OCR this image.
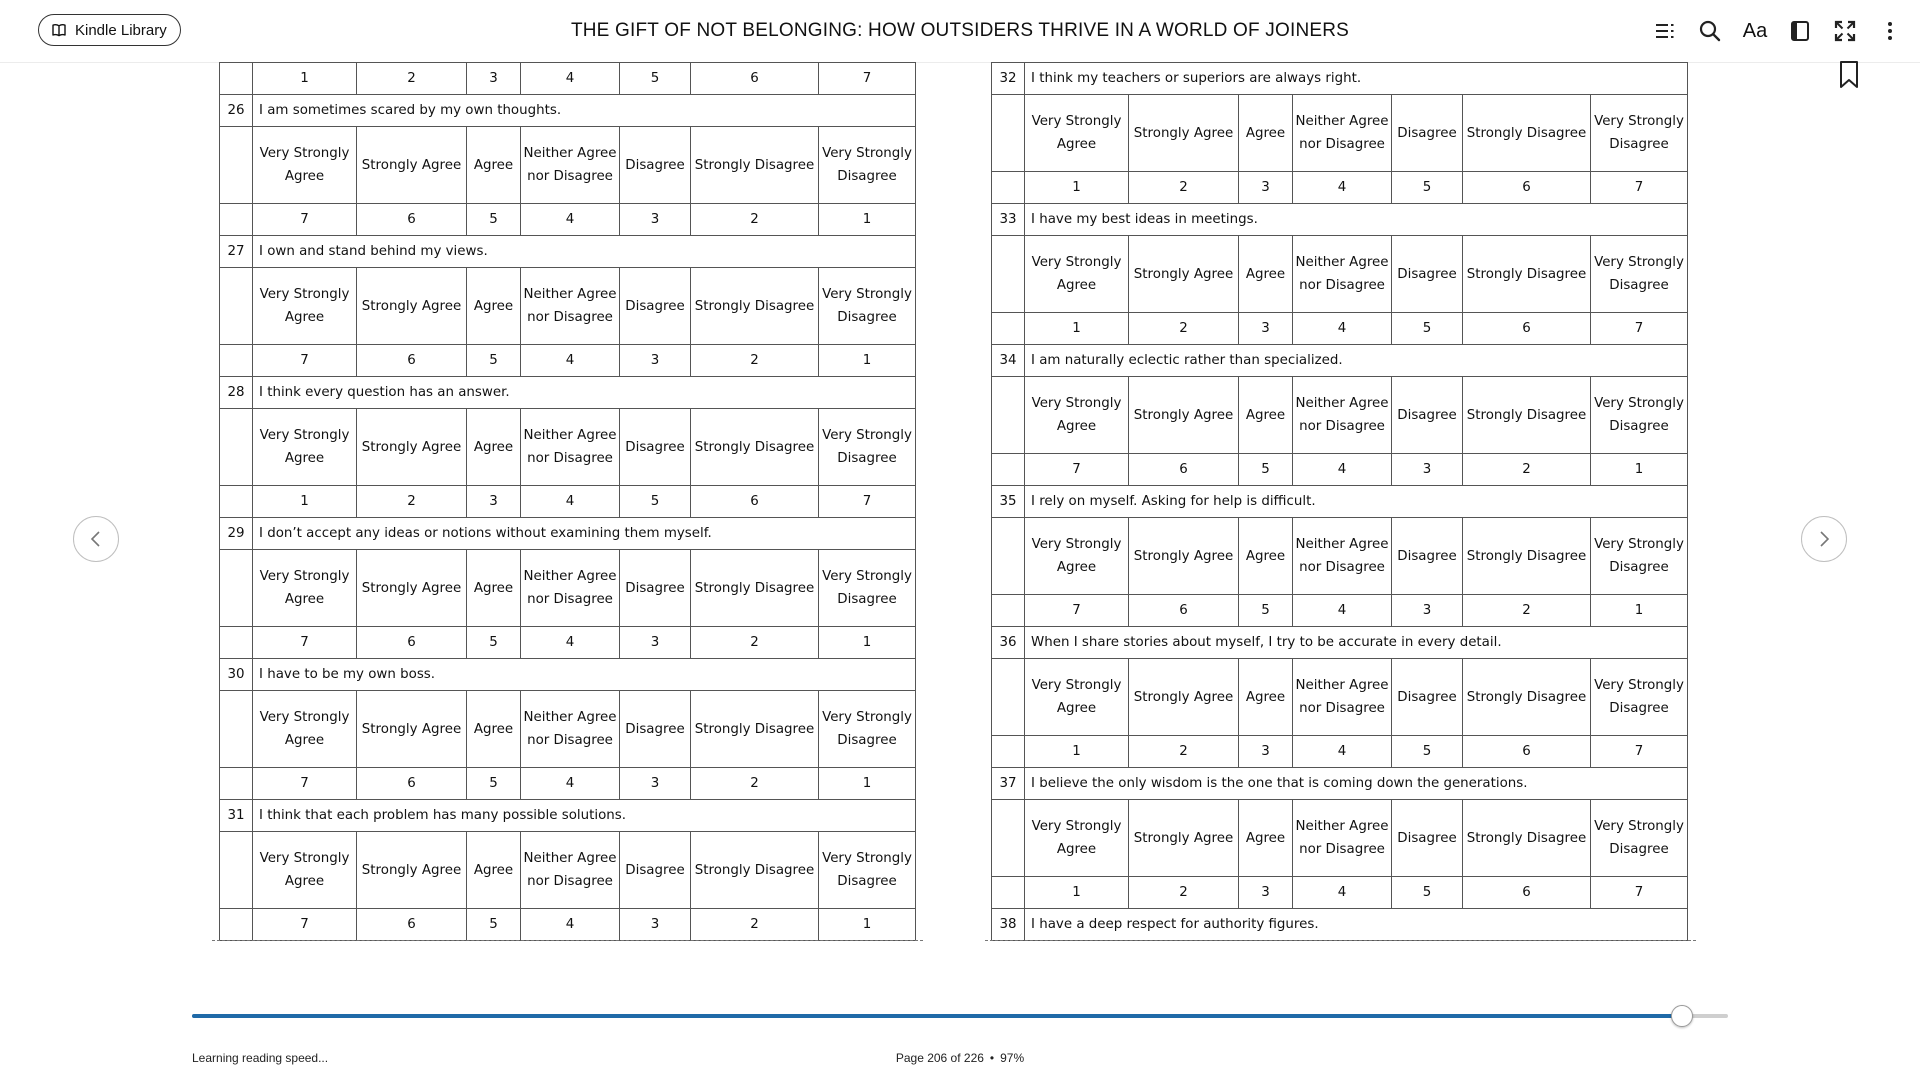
Kindle Library	THE GIFT OF NOT BELONGING: HOW OUTSIDERS THRIVE IN A WORLD OF JOINERS	Aa
	1	2	3	4	5	6	7
26	I am sometimes scared by my own thoughts.						
	Very Strongly Agree	Strongly Agree	Agree	Neither Agree nor Disagree	Disagree	Strongly Disagree	Very Strongly Disagree
	7	6	5	4	3	2	1
27	I own and stand behind my views.						
	Very Strongly Agree	Strongly Agree	Agree	Neither Agree nor Disagree	Disagree	Strongly Disagree	Very Strongly Disagree
	7	6	5	4	3	2	1
28	I think every question has an answer.						
	Very Strongly Agree	Strongly Agree	Agree	Neither Agree nor Disagree	Disagree	Strongly Disagree	Very Strongly Disagree
	1	2	3	4	5	6	7
29	I don’t accept any ideas or notions without examining them myself.						
	Very Strongly Agree	Strongly Agree	Agree	Neither Agree nor Disagree	Disagree	Strongly Disagree	Very Strongly Disagree
	7	6	5	4	3	2	1
30	I have to be my own boss.						
	Very Strongly Agree	Strongly Agree	Agree	Neither Agree nor Disagree	Disagree	Strongly Disagree	Very Strongly Disagree
	7	6	5	4	3	2	1
31	I think that each problem has many possible solutions.						
	Very Strongly Agree	Strongly Agree	Agree	Neither Agree nor Disagree	Disagree	Strongly Disagree	Very Strongly Disagree
	7	6	5	4	3	2	1
32	I think my teachers or superiors are always right.						
	Very Strongly Agree	Strongly Agree	Agree	Neither Agree nor Disagree	Disagree	Strongly Disagree	Very Strongly Disagree
	1	2	3	4	5	6	7
33	I have my best ideas in meetings.						
	Very Strongly Agree	Strongly Agree	Agree	Neither Agree nor Disagree	Disagree	Strongly Disagree	Very Strongly Disagree
	1	2	3	4	5	6	7
34	I am naturally eclectic rather than specialized.						
	Very Strongly Agree	Strongly Agree	Agree	Neither Agree nor Disagree	Disagree	Strongly Disagree	Very Strongly Disagree
	7	6	5	4	3	2	1
35	I rely on myself. Asking for help is difficult.						
	Very Strongly Agree	Strongly Agree	Agree	Neither Agree nor Disagree	Disagree	Strongly Disagree	Very Strongly Disagree
	7	6	5	4	3	2	1
36	When I share stories about myself, I try to be accurate in every detail.						
	Very Strongly Agree	Strongly Agree	Agree	Neither Agree nor Disagree	Disagree	Strongly Disagree	Very Strongly Disagree
	1	2	3	4	5	6	7
37	I believe the only wisdom is the one that is coming down the generations.						
	Very Strongly Agree	Strongly Agree	Agree	Neither Agree nor Disagree	Disagree	Strongly Disagree	Very Strongly Disagree
	1	2	3	4	5	6	7
38	I have a deep respect for authority figures.						
Learning reading speed...	Page 206 of 226 • 97%
